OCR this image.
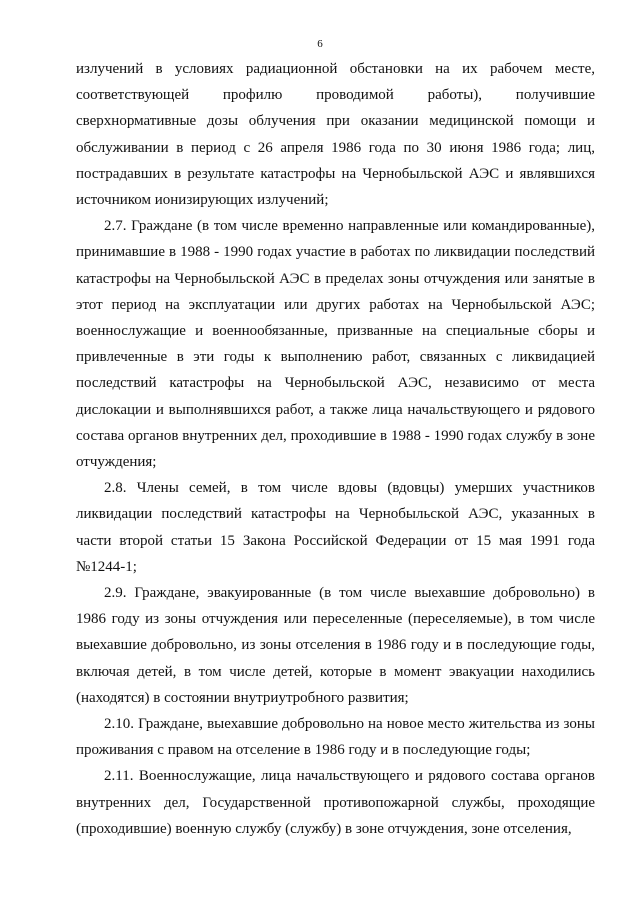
6

излучений в условиях радиационной обстановки на их рабочем месте, соответствующей профилю проводимой работы), получившие сверхнормативные дозы облучения при оказании медицинской помощи и обслуживании в период с 26 апреля 1986 года по 30 июня 1986 года; лиц, пострадавших в результате катастрофы на Чернобыльской АЭС и являвшихся источником ионизирующих излучений;

2.7. Граждане (в том числе временно направленные или командированные), принимавшие в 1988 - 1990 годах участие в работах по ликвидации последствий катастрофы на Чернобыльской АЭС в пределах зоны отчуждения или занятые в этот период на эксплуатации или других работах на Чернобыльской АЭС; военнослужащие и военнообязанные, призванные на специальные сборы и привлеченные в эти годы к выполнению работ, связанных с ликвидацией последствий катастрофы на Чернобыльской АЭС, независимо от места дислокации и выполнявшихся работ, а также лица начальствующего и рядового состава органов внутренних дел, проходившие в 1988 - 1990 годах службу в зоне отчуждения;

2.8. Члены семей, в том числе вдовы (вдовцы) умерших участников ликвидации последствий катастрофы на Чернобыльской АЭС, указанных в части второй статьи 15 Закона Российской Федерации от 15 мая 1991 года №1244-1;

2.9. Граждане, эвакуированные (в том числе выехавшие добровольно) в 1986 году из зоны отчуждения или переселенные (переселяемые), в том числе выехавшие добровольно, из зоны отселения в 1986 году и в последующие годы, включая детей, в том числе детей, которые в момент эвакуации находились (находятся) в состоянии внутриутробного развития;

2.10. Граждане, выехавшие добровольно на новое место жительства из зоны проживания с правом на отселение в 1986 году и в последующие годы;

2.11. Военнослужащие, лица начальствующего и рядового состава органов внутренних дел, Государственной противопожарной службы, проходящие (проходившие) военную службу (службу) в зоне отчуждения, зоне отселения,
